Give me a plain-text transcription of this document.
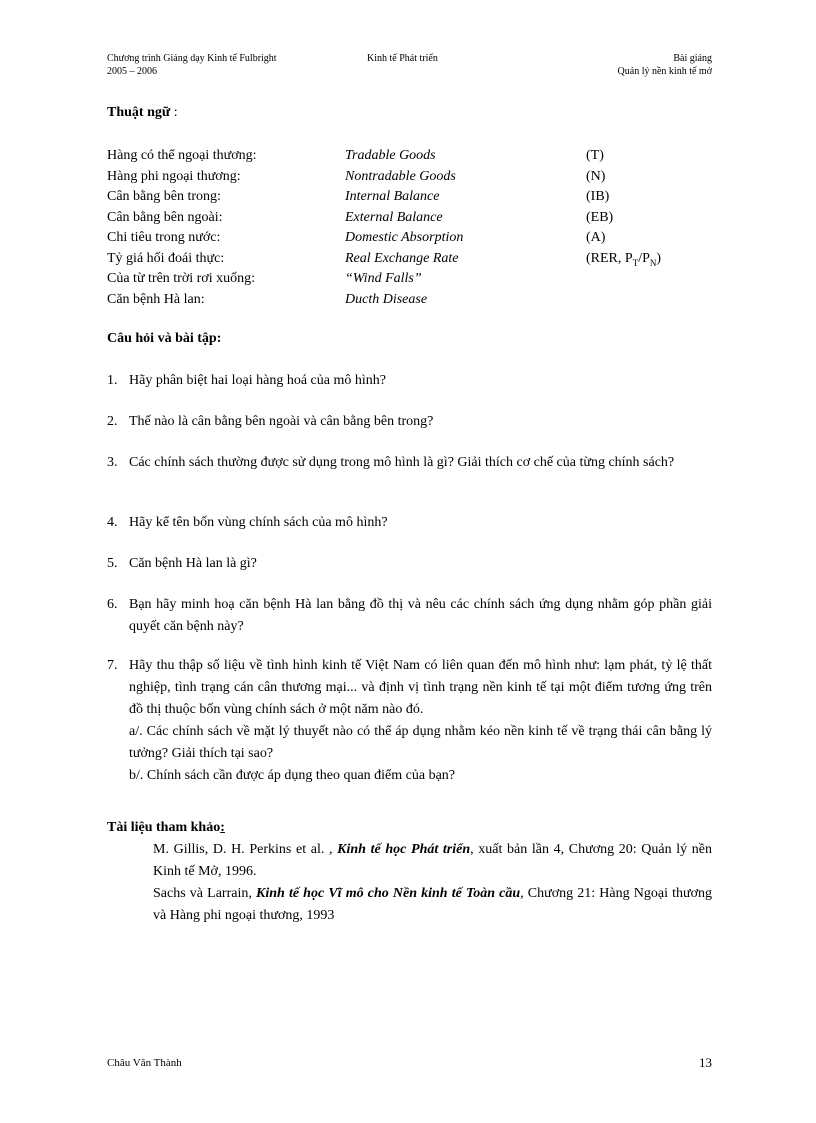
Chương trình Giảng dạy Kinh tế Fulbright
2005 – 2006
Kinh tế Phát triển	Bài giảng
Quản lý nền kinh tế mở
Thuật ngữ :
Hàng có thể ngoại thương:	Tradable Goods	(T)
Hàng phi ngoại thương:	Nontradable Goods	(N)
Cân bằng bên trong:	Internal Balance	(IB)
Cân bằng bên ngoài:	External Balance	(EB)
Chi tiêu trong nước:	Domestic Absorption	(A)
Tỷ giá hối đoái thực:	Real Exchange Rate	(RER, $P_T/P_N$)
Của từ trên trời rơi xuống:	“Wind Falls”
Căn bệnh Hà lan:	Ducth Disease
Câu hỏi và bài tập:
1. Hãy phân biệt hai loại hàng hoá của mô hình?
2. Thế nào là cân bằng bên ngoài và cân bằng bên trong?
3. Các chính sách thường được sử dụng trong mô hình là gì? Giải thích cơ chế của từng chính sách?
4. Hãy kể tên bốn vùng chính sách của mô hình?
5. Căn bệnh Hà lan là gì?
6. Bạn hãy minh hoạ căn bệnh Hà lan bằng đồ thị và nêu các chính sách ứng dụng nhằm góp phần giải quyết căn bệnh này?
7. Hãy thu thập số liệu về tình hình kinh tế Việt Nam có liên quan đến mô hình như: lạm phát, tỷ lệ thất nghiệp, tình trạng cán cân thương mại... và định vị tình trạng nền kinh tế tại một điểm tương ứng trên đồ thị thuộc bốn vùng chính sách ở một năm nào đó.
a/. Các chính sách về mặt lý thuyết nào có thể áp dụng nhằm kéo nền kinh tế về trạng thái cân bằng lý tưởng? Giải thích tại sao?
b/. Chính sách cần được áp dụng theo quan điểm của bạn?
Tài liệu tham khảo:
M. Gillis, D. H. Perkins et al. , Kinh tế học Phát triển, xuất bản lần 4, Chương 20: Quản lý nền Kinh tế Mở, 1996.
Sachs và Larrain, Kinh tế học Vĩ mô cho Nền kinh tế Toàn cầu, Chương 21: Hàng Ngoại thương và Hàng phi ngoại thương, 1993
Châu Văn Thành	13
